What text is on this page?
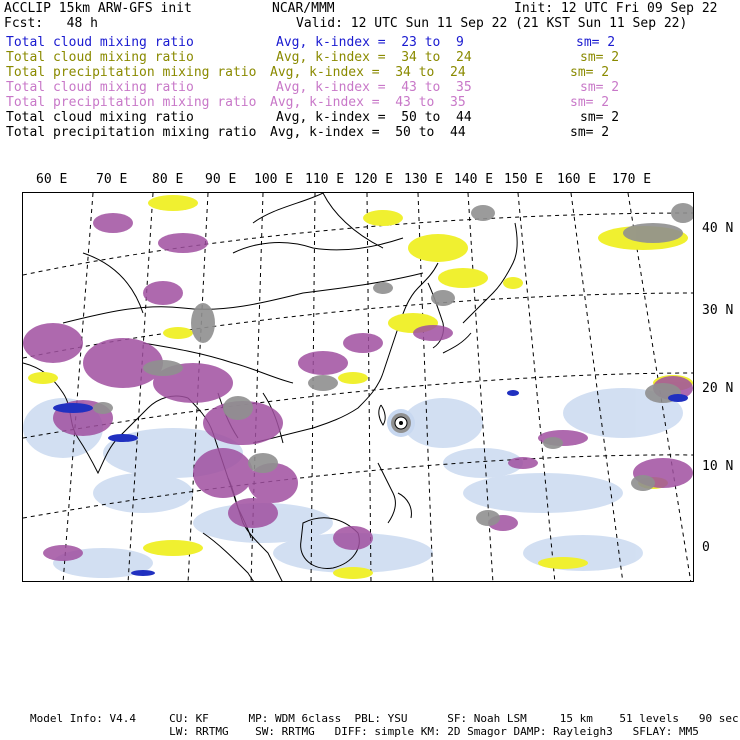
ACCLIP 15km ARW-GFS init	NCAR/MMM	Init: 12 UTC Fri 09 Sep 22
Fcst:   48 h	Valid: 12 UTC Sun 11 Sep 22 (21 KST Sun 11 Sep 22)
Total cloud mixing ratio	Avg, k-index =  23 to  9	sm= 2
Total cloud mixing ratio	Avg, k-index =  34 to  24	sm= 2
Total precipitation mixing ratio Avg, k-index =  34 to  24	sm= 2
Total cloud mixing ratio	Avg, k-index =  43 to  35	sm= 2
Total precipitation mixing ratio Avg, k-index =  43 to  35	sm= 2
Total cloud mixing ratio	Avg, k-index =  50 to  44	sm= 2
Total precipitation mixing ratio Avg, k-index =  50 to  44	sm= 2
60 E 70 E 80 E 90 E 100 E 110 E 120 E 130 E 140 E 150 E 160 E 170 E
40 N
30 N
20 N
10 N
0
Model Info: V4.4     CU: KF      MP: WDM 6class  PBL: YSU      SF: Noah LSM     15 km    51 levels   90 sec
LW: RRTMG    SW: RRTMG   DIFF: simple KM: 2D Smagor DAMP: Rayleigh3   SFLAY: MM5
